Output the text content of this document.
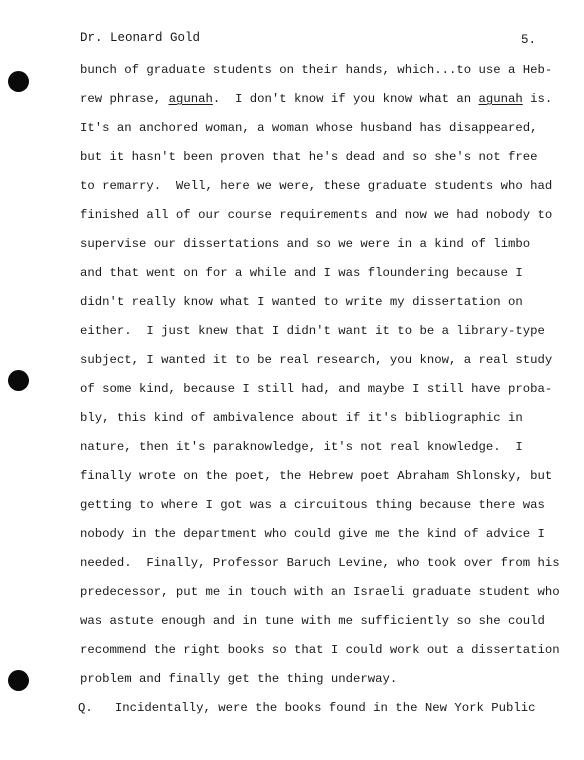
Dr. Leonard Gold	5.
bunch of graduate students on their hands, which...to use a Heb-
rew phrase, agunah.  I don't know if you know what an agunah is.
It's an anchored woman, a woman whose husband has disappeared,
but it hasn't been proven that he's dead and so she's not free
to remarry.  Well, here we were, these graduate students who had
finished all of our course requirements and now we had nobody to
supervise our dissertations and so we were in a kind of limbo
and that went on for a while and I was floundering because I
didn't really know what I wanted to write my dissertation on
either.  I just knew that I didn't want it to be a library-type
subject, I wanted it to be real research, you know, a real study
of some kind, because I still had, and maybe I still have proba-
bly, this kind of ambivalence about if it's bibliographic in
nature, then it's paraknowledge, it's not real knowledge.  I
finally wrote on the poet, the Hebrew poet Abraham Shlonsky, but
getting to where I got was a circuitous thing because there was
nobody in the department who could give me the kind of advice I
needed.  Finally, Professor Baruch Levine, who took over from his
predecessor, put me in touch with an Israeli graduate student who
was astute enough and in tune with me sufficiently so she could
recommend the right books so that I could work out a dissertation
problem and finally get the thing underway.
Q.   Incidentally, were the books found in the New York Public
